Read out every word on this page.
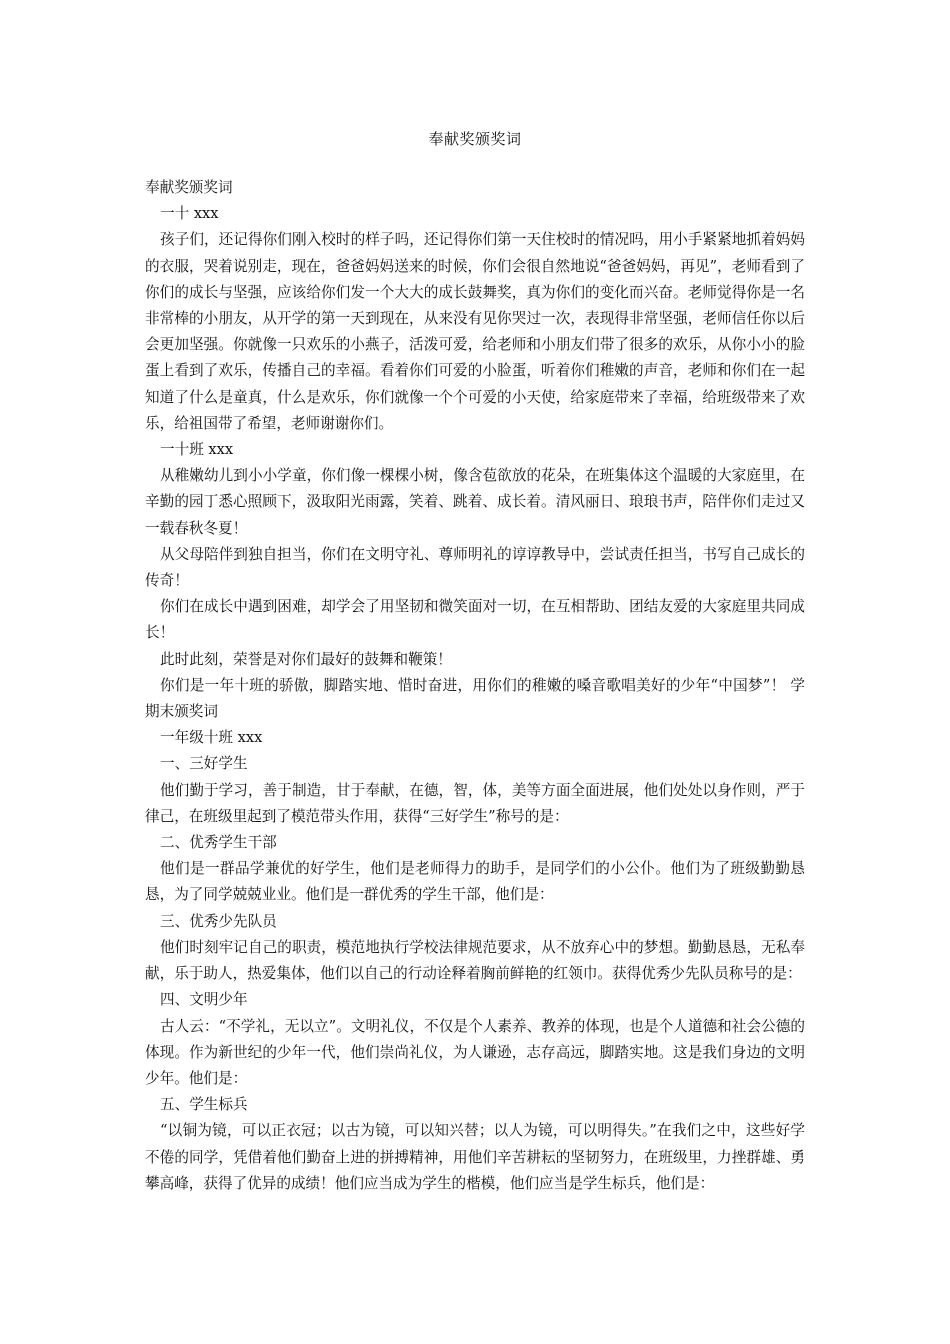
奉献奖颁奖词

奉献奖颁奖词

一十 xxx

孩子们，还记得你们刚入校时的样子吗，还记得你们第一天住校时的情况吗，用小手紧紧地抓着妈妈的衣服，哭着说别走，现在，爸爸妈妈送来的时候，你们会很自然地说“爸爸妈妈，再见”，老师看到了你们的成长与坚强，应该给你们发一个大大的成长鼓舞奖，真为你们的变化而兴奋。老师觉得你是一名非常棒的小朋友，从开学的第一天到现在，从来没有见你哭过一次，表现得非常坚强，老师信任你以后会更加坚强。你就像一只欢乐的小燕子，活泼可爱，给老师和小朋友们带了很多的欢乐，从你小小的脸蛋上看到了欢乐，传播自己的幸福。看着你们可爱的小脸蛋，听着你们稚嫩的声音，老师和你们在一起知道了什么是童真，什么是欢乐，你们就像一个个可爱的小天使，给家庭带来了幸福，给班级带来了欢乐，给祖国带了希望，老师谢谢你们。

一十班 xxx

从稚嫩幼儿到小小学童，你们像一棵棵小树，像含苞欲放的花朵，在班集体这个温暖的大家庭里，在辛勤的园丁悉心照顾下，汲取阳光雨露，笑着、跳着、成长着。清风丽日、琅琅书声，陪伴你们走过又一载春秋冬夏！

从父母陪伴到独自担当，你们在文明守礼、尊师明礼的谆谆教导中，尝试责任担当，书写自己成长的传奇！

你们在成长中遇到困难，却学会了用坚韧和微笑面对一切，在互相帮助、团结友爱的大家庭里共同成长！

此时此刻，荣誉是对你们最好的鼓舞和鞭策！

你们是一年十班的骄傲，脚踏实地、惜时奋进，用你们的稚嫩的嗓音歌唱美好的少年“中国梦”！ 学期末颁奖词

一年级十班 xxx

一、三好学生

他们勤于学习，善于制造，甘于奉献，在德，智，体，美等方面全面进展，他们处处以身作则，严于律己，在班级里起到了模范带头作用，获得“三好学生”称号的是：

二、优秀学生干部

他们是一群品学兼优的好学生，他们是老师得力的助手，是同学们的小公仆。他们为了班级勤勤恳恳，为了同学兢兢业业。他们是一群优秀的学生干部，他们是：

三、优秀少先队员

他们时刻牢记自己的职责，模范地执行学校法律规范要求，从不放弃心中的梦想。勤勤恳恳，无私奉献，乐于助人，热爱集体，他们以自己的行动诠释着胸前鲜艳的红领巾。获得优秀少先队员称号的是：

四、文明少年

古人云：“不学礼，无以立”。文明礼仪，不仅是个人素养、教养的体现，也是个人道德和社会公德的体现。作为新世纪的少年一代，他们崇尚礼仪，为人谦逊，志存高远，脚踏实地。这是我们身边的文明少年。他们是：

五、学生标兵

“以铜为镜，可以正衣冠；以古为镜，可以知兴替；以人为镜，可以明得失。”在我们之中，这些好学不倦的同学，凭借着他们勤奋上进的拼搏精神，用他们辛苦耕耘的坚韧努力，在班级里，力挫群雄、勇攀高峰，获得了优异的成绩！他们应当成为学生的楷模，他们应当是学生标兵，他们是：
